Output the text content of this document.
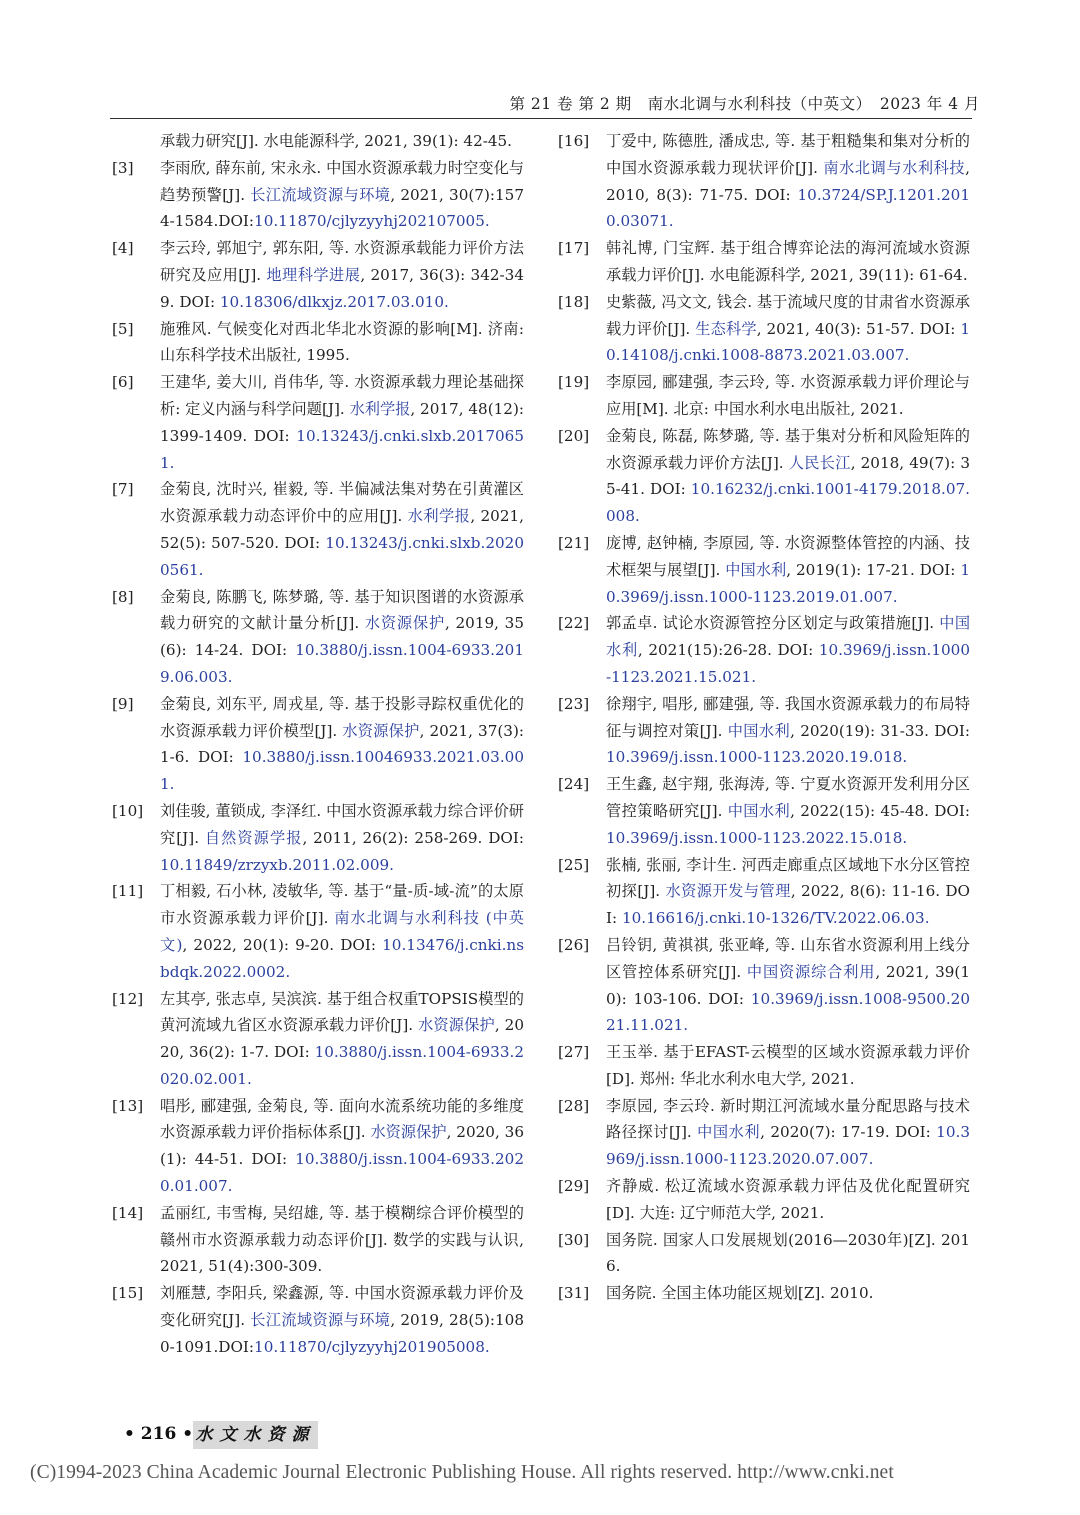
第 21 卷 第 2 期　南水北调与水利科技（中英文）　2023 年 4 月
承载力研究[J]. 水电能源科学, 2021, 39(1): 42-45.
[3]	李雨欣, 薛东前, 宋永永. 中国水资源承载力时空变化与趋势预警[J]. 长江流域资源与环境, 2021, 30(7):1574-1584.DOI:10.11870/cjlyzyyhj202107005.
[4]	李云玲, 郭旭宁, 郭东阳, 等. 水资源承载能力评价方法研究及应用[J]. 地理科学进展, 2017, 36(3): 342-349. DOI: 10.18306/dlkxjz.2017.03.010.
[5]	施雅风. 气候变化对西北华北水资源的影响[M]. 济南: 山东科学技术出版社, 1995.
[6]	王建华, 姜大川, 肖伟华, 等. 水资源承载力理论基础探析: 定义内涵与科学问题[J]. 水利学报, 2017, 48(12): 1399-1409. DOI: 10.13243/j.cnki.slxb.20170651.
[7]	金菊良, 沈时兴, 崔毅, 等. 半偏减法集对势在引黄灌区水资源承载力动态评价中的应用[J]. 水利学报, 2021, 52(5): 507-520. DOI: 10.13243/j.cnki.slxb.20200561.
[8]	金菊良, 陈鹏飞, 陈梦璐, 等. 基于知识图谱的水资源承载力研究的文献计量分析[J]. 水资源保护, 2019, 35(6): 14-24. DOI: 10.3880/j.issn.1004-6933.2019.06.003.
[9]	金菊良, 刘东平, 周戎星, 等. 基于投影寻踪权重优化的水资源承载力评价模型[J]. 水资源保护, 2021, 37(3): 1-6. DOI: 10.3880/j.issn.10046933.2021.03.001.
[10]	刘佳骏, 董锁成, 李泽红. 中国水资源承载力综合评价研究[J]. 自然资源学报, 2011, 26(2): 258-269. DOI: 10.11849/zrzyxb.2011.02.009.
[11]	丁相毅, 石小林, 凌敏华, 等. 基于“量-质-域-流”的太原市水资源承载力评价[J]. 南水北调与水利科技 (中英文), 2022, 20(1): 9-20. DOI: 10.13476/j.cnki.nsbdqk.2022.0002.
[12]	左其亭, 张志卓, 吴滨滨. 基于组合权重TOPSIS模型的黄河流域九省区水资源承载力评价[J]. 水资源保护, 2020, 36(2): 1-7. DOI: 10.3880/j.issn.1004-6933.2020.02.001.
[13]	唱彤, 郦建强, 金菊良, 等. 面向水流系统功能的多维度水资源承载力评价指标体系[J]. 水资源保护, 2020, 36(1): 44-51. DOI: 10.3880/j.issn.1004-6933.2020.01.007.
[14]	孟丽红, 韦雪梅, 吴绍雄, 等. 基于模糊综合评价模型的赣州市水资源承载力动态评价[J]. 数学的实践与认识, 2021, 51(4):300-309.
[15]	刘雁慧, 李阳兵, 梁鑫源, 等. 中国水资源承载力评价及变化研究[J]. 长江流域资源与环境, 2019, 28(5):1080-1091.DOI:10.11870/cjlyzyyhj201905008.
[16]	丁爱中, 陈德胜, 潘成忠, 等. 基于粗糙集和集对分析的中国水资源承载力现状评价[J]. 南水北调与水利科技, 2010, 8(3): 71-75. DOI: 10.3724/SP.J.1201.2010.03071.
[17]	韩礼博, 门宝辉. 基于组合博弈论法的海河流域水资源承载力评价[J]. 水电能源科学, 2021, 39(11): 61-64.
[18]	史紫薇, 冯文文, 钱会. 基于流域尺度的甘肃省水资源承载力评价[J]. 生态科学, 2021, 40(3): 51-57. DOI: 10.14108/j.cnki.1008-8873.2021.03.007.
[19]	李原园, 郦建强, 李云玲, 等. 水资源承载力评价理论与应用[M]. 北京: 中国水利水电出版社, 2021.
[20]	金菊良, 陈磊, 陈梦璐, 等. 基于集对分析和风险矩阵的水资源承载力评价方法[J]. 人民长江, 2018, 49(7): 35-41. DOI: 10.16232/j.cnki.1001-4179.2018.07.008.
[21]	庞博, 赵钟楠, 李原园, 等. 水资源整体管控的内涵、技术框架与展望[J]. 中国水利, 2019(1): 17-21. DOI: 10.3969/j.issn.1000-1123.2019.01.007.
[22]	郭孟卓. 试论水资源管控分区划定与政策措施[J]. 中国水利, 2021(15):26-28. DOI: 10.3969/j.issn.1000-1123.2021.15.021.
[23]	徐翔宇, 唱彤, 郦建强, 等. 我国水资源承载力的布局特征与调控对策[J]. 中国水利, 2020(19): 31-33. DOI: 10.3969/j.issn.1000-1123.2020.19.018.
[24]	王生鑫, 赵宇翔, 张海涛, 等. 宁夏水资源开发利用分区管控策略研究[J]. 中国水利, 2022(15): 45-48. DOI: 10.3969/j.issn.1000-1123.2022.15.018.
[25]	张楠, 张丽, 李计生. 河西走廊重点区域地下水分区管控初探[J]. 水资源开发与管理, 2022, 8(6): 11-16. DOI: 10.16616/j.cnki.10-1326/TV.2022.06.03.
[26]	吕铃钥, 黄祺祺, 张亚峰, 等. 山东省水资源利用上线分区管控体系研究[J]. 中国资源综合利用, 2021, 39(10): 103-106. DOI: 10.3969/j.issn.1008-9500.2021.11.021.
[27]	王玉举. 基于EFAST-云模型的区域水资源承载力评价[D]. 郑州: 华北水利水电大学, 2021.
[28]	李原园, 李云玲. 新时期江河流域水量分配思路与技术路径探讨[J]. 中国水利, 2020(7): 17-19. DOI: 10.3969/j.issn.1000-1123.2020.07.007.
[29]	齐静威. 松辽流域水资源承载力评估及优化配置研究[D]. 大连: 辽宁师范大学, 2021.
[30]	国务院. 国家人口发展规划(2016—2030年)[Z]. 2016.
[31]	国务院. 全国主体功能区规划[Z]. 2010.
• 216 • 水文水资源
(C)1994-2023 China Academic Journal Electronic Publishing House. All rights reserved. http://www.cnki.net
